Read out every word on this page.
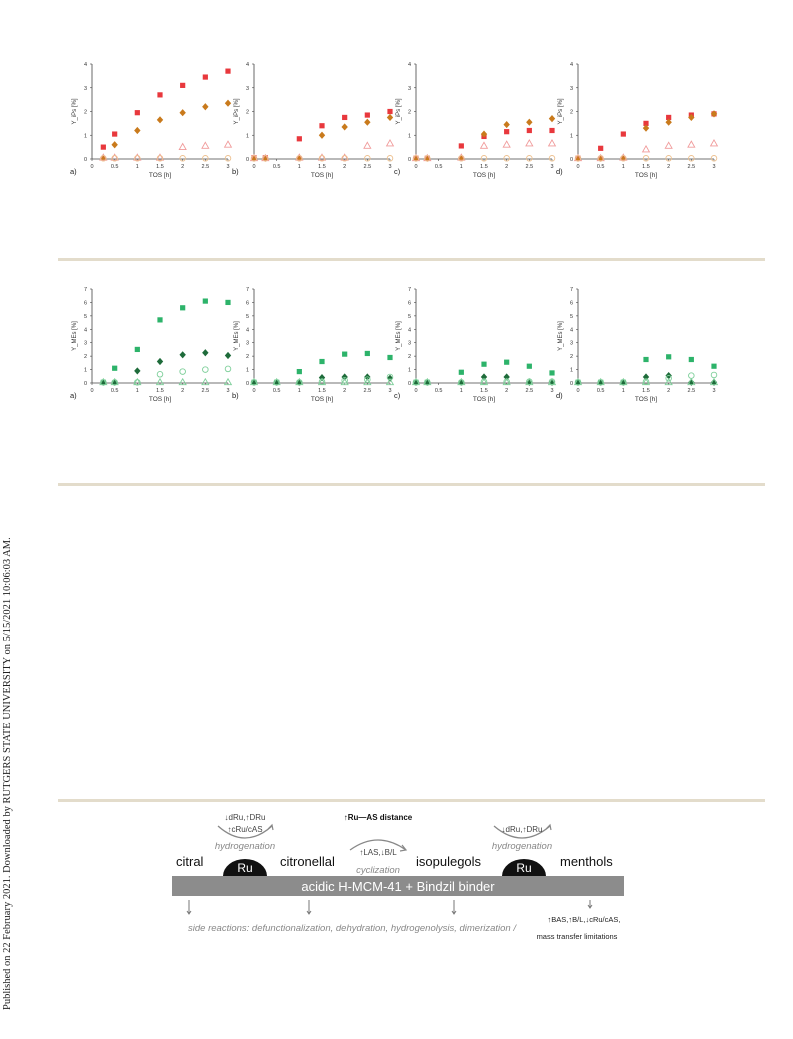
Published on 22 February 2021. Downloaded by RUTGERS STATE UNIVERSITY on 5/15/2021 10:06:03 AM.
0
1
2
3
4
0	0.5	1	1.5	2	2.5	3
TOS [h]
Y_iPs [%]
a)
0
1
2
3
4
0	0.5	1	1.5	2	2.5	3
TOS [h]
Y_iPs [%]
b)
0
1
2
3
4
0	0.5	1	1.5	2	2.5	3
TOS [h]
Y_iPs [%]
c)
0
1
2
3
4
0	0.5	1	1.5	2	2.5	3
TOS [h]
Y_iPs [%]
d)
0
1
2
3
4
5
6
7
0	0.5	1	1.5	2	2.5	3
TOS [h]
Y_MEs [%]
a)
0
1
2
3
4
5
6
7
0	0.5	1	1.5	2	2.5	3
TOS [h]
Y_MEs [%]
b)
0
1
2
3
4
5
6
7
0	0.5	1	1.5	2	2.5	3
TOS [h]
Y_MEs [%]
c)
0
1
2
3
4
5
6
7
0	0.5	1	1.5	2	2.5	3
TOS [h]
Y_MEs [%]
d)
acidic H-MCM-41 + Bindzil binder
Ru	Ru
citral	citronellal	isopulegols	menthols
↓dRu,↑DRu
↑cRu/cAS
hydrogenation
↑Ru—AS distance
↑LAS,↓B/L
cyclization
↓dRu,↑DRu
hydrogenation
side reactions: defunctionalization, dehydration, hydrogenolysis, dimerization /
↑BAS,↑B/L,↓cRu/cAS,
mass transfer limitations
